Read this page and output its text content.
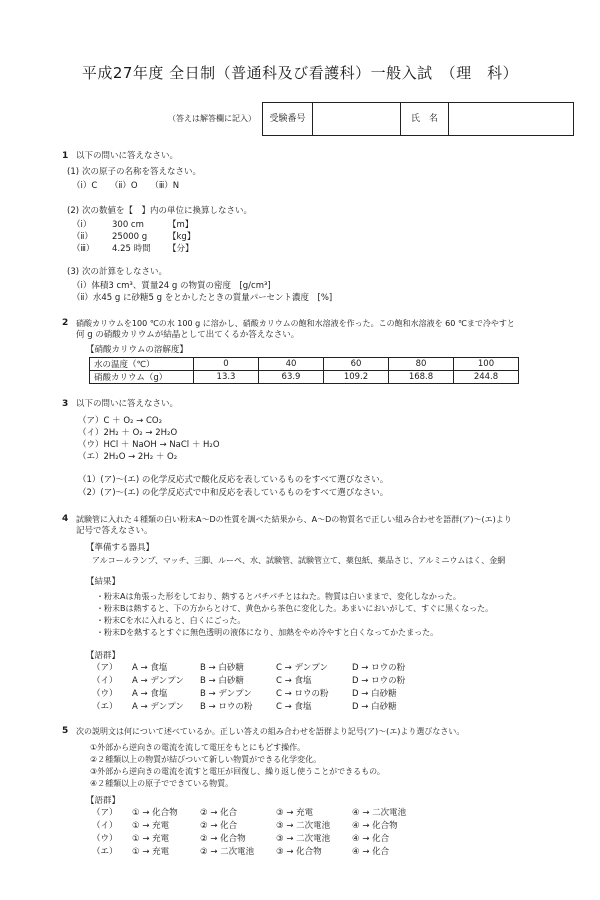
平成27年度 全日制（普通科及び看護科）一般入試　（理　科）
（答えは解答欄に記入）	受験番号	氏　名
1 以下の問いに答えなさい。
(1) 次の原子の名称を答えなさい。
（ⅰ）C　　（ⅱ）O　　（ⅲ）N
(2) 次の数値を【　】内の単位に換算しなさい。
（ⅰ） 300 cm	【m】
（ⅱ） 25000 g 【kg】
（ⅲ） 4.25 時間 【分】
(3) 次の計算をしなさい。
（ⅰ）体積3 cm³、質量24 g の物質の密度　[g/cm³]
（ⅱ）水45 g に砂糖5 g をとかしたときの質量パーセント濃度　[%]
2 硝酸カリウムを100 ℃の水 100 g に溶かし、硝酸カリウムの飽和水溶液を作った。この飽和水溶液を 60 ℃まで冷やすと
何 g の硝酸カリウムが結晶として出てくるか答えなさい。
【硝酸カリウムの溶解度】
水の温度（℃）	0	40	60	80	100
硝酸カリウム（g）	13.3	63.9	109.2	168.8	244.8
3 以下の問いに答えなさい。
（ア）C ＋ O₂ → CO₂
（イ）2H₂ ＋ O₂ → 2H₂O
（ウ）HCl ＋ NaOH → NaCl ＋ H₂O
（エ）2H₂O → 2H₂ ＋ O₂
（1）(ア)〜(エ) の化学反応式で酸化反応を表しているものをすべて選びなさい。
（2）(ア)〜(エ) の化学反応式で中和反応を表しているものをすべて選びなさい。
4 試験管に入れた４種類の白い粉末A〜Dの性質を調べた結果から、A〜Dの物質名で正しい組み合わせを語群(ア)〜(エ)より
記号で答えなさい。
【準備する器具】
アルコールランプ、マッチ、三脚、ルーペ、水、試験管、試験管立て、薬包紙、薬品さじ、アルミニウムはく、金網
【結果】
・粉末Aは角張った形をしており、熱するとパチパチとはねた。物質は白いままで、変化しなかった。
・粉末Bは熱すると、下の方からとけて、黄色から茶色に変化した。あまいにおいがして、すぐに黒くなった。
・粉末Cを水に入れると、白くにごった。
・粉末Dを熱するとすぐに無色透明の液体になり、加熱をやめ冷やすと白くなってかたまった。
【語群】
（ア） A → 食塩	B → 白砂糖	C → デンプン	D → ロウの粉
（イ） A → デンプン B → 白砂糖	C → 食塩	D → ロウの粉
（ウ） A → 食塩	B → デンプン	C → ロウの粉	D → 白砂糖
（エ） A → デンプン B → ロウの粉	C → 食塩	D → 白砂糖
5 次の説明文は何について述べているか。正しい答えの組み合わせを語群より記号(ア)〜(エ)より選びなさい。
①外部から逆向きの電流を流して電圧をもとにもどす操作。
②２種類以上の物質が結びついて新しい物質ができる化学変化。
③外部から逆向きの電流を流すと電圧が回復し、繰り返し使うことができるもの。
④２種類以上の原子でできている物質。
【語群】
（ア） ① → 化合物	② → 化合	③ → 充電	④ → 二次電池
（イ） ① → 充電	② → 化合	③ → 二次電池	④ → 化合物
（ウ） ① → 充電	② → 化合物	③ → 二次電池	④ → 化合
（エ） ① → 充電	② → 二次電池	③ → 化合物	④ → 化合
